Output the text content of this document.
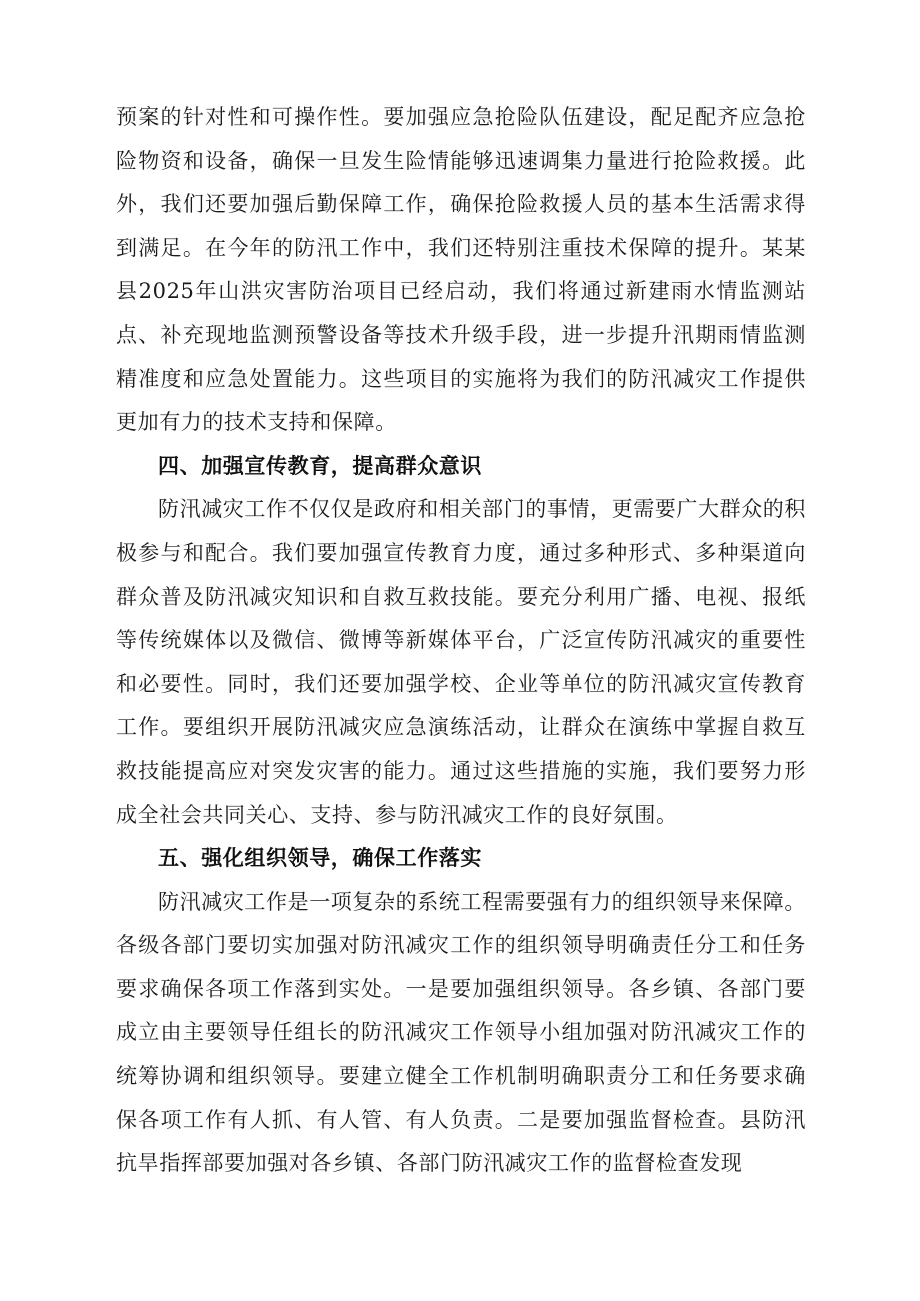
预案的针对性和可操作性。要加强应急抢险队伍建设，配足配齐应急抢险物资和设备，确保一旦发生险情能够迅速调集力量进行抢险救援。此外，我们还要加强后勤保障工作，确保抢险救援人员的基本生活需求得到满足。在今年的防汛工作中，我们还特别注重技术保障的提升。某某县2025年山洪灾害防治项目已经启动，我们将通过新建雨水情监测站点、补充现地监测预警设备等技术升级手段，进一步提升汛期雨情监测精准度和应急处置能力。这些项目的实施将为我们的防汛减灾工作提供更加有力的技术支持和保障。

四、加强宣传教育，提高群众意识

防汛减灾工作不仅仅是政府和相关部门的事情，更需要广大群众的积极参与和配合。我们要加强宣传教育力度，通过多种形式、多种渠道向群众普及防汛减灾知识和自救互救技能。要充分利用广播、电视、报纸等传统媒体以及微信、微博等新媒体平台，广泛宣传防汛减灾的重要性和必要性。同时，我们还要加强学校、企业等单位的防汛减灾宣传教育工作。要组织开展防汛减灾应急演练活动，让群众在演练中掌握自救互救技能提高应对突发灾害的能力。通过这些措施的实施，我们要努力形成全社会共同关心、支持、参与防汛减灾工作的良好氛围。

五、强化组织领导，确保工作落实

防汛减灾工作是一项复杂的系统工程需要强有力的组织领导来保障。各级各部门要切实加强对防汛减灾工作的组织领导明确责任分工和任务要求确保各项工作落到实处。一是要加强组织领导。各乡镇、各部门要成立由主要领导任组长的防汛减灾工作领导小组加强对防汛减灾工作的统筹协调和组织领导。要建立健全工作机制明确职责分工和任务要求确保各项工作有人抓、有人管、有人负责。二是要加强监督检查。县防汛抗旱指挥部要加强对各乡镇、各部门防汛减灾工作的监督检查发现
